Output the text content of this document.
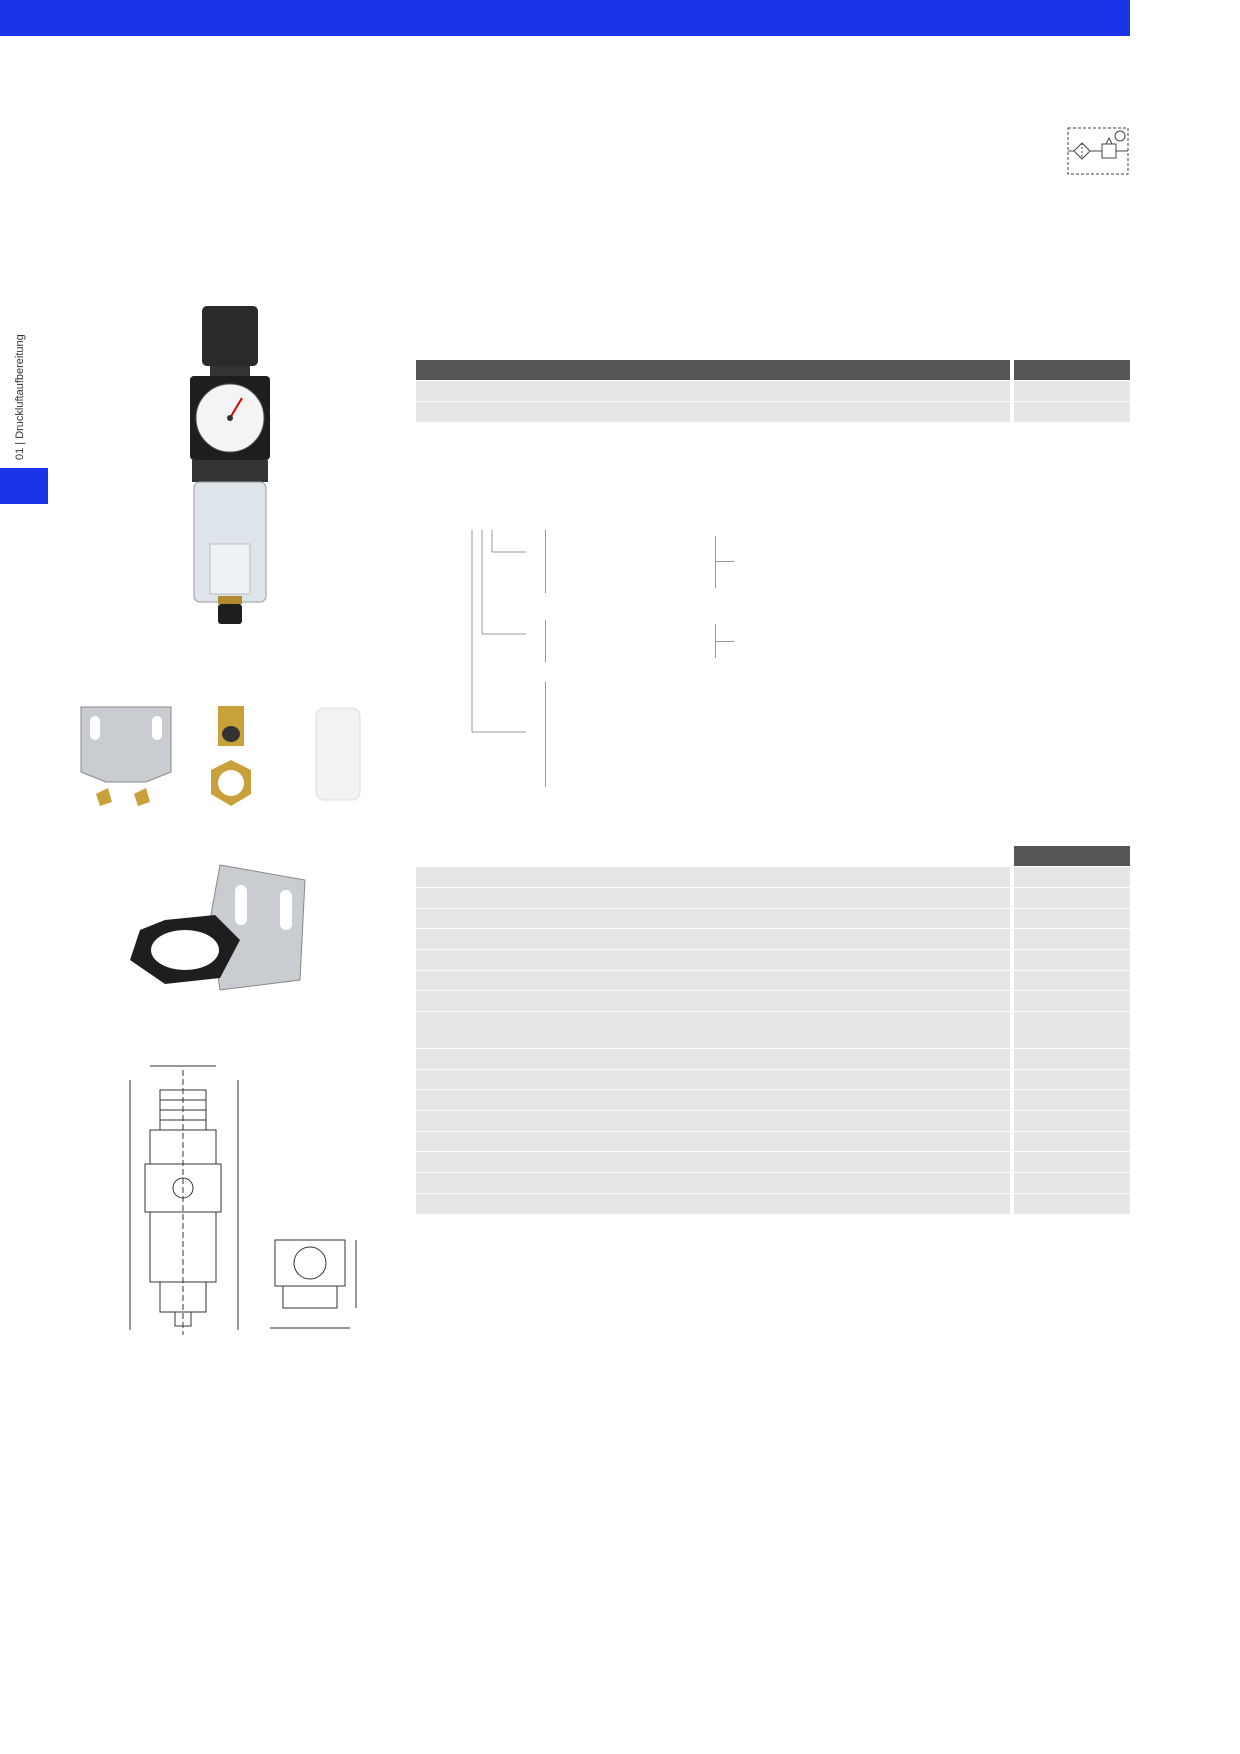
01 | Druckluftaufbereitung
